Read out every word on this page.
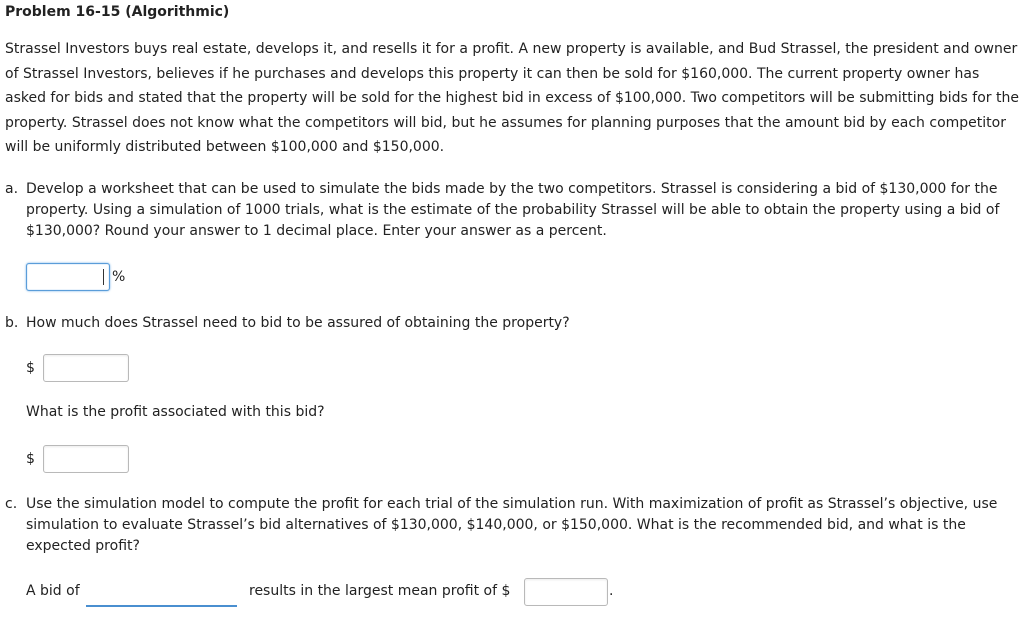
Problem 16-15 (Algorithmic)

Strassel Investors buys real estate, develops it, and resells it for a profit. A new property is available, and Bud Strassel, the president and owner of Strassel Investors, believes if he purchases and develops this property it can then be sold for $160,000. The current property owner has asked for bids and stated that the property will be sold for the highest bid in excess of $100,000. Two competitors will be submitting bids for the property. Strassel does not know what the competitors will bid, but he assumes for planning purposes that the amount bid by each competitor will be uniformly distributed between $100,000 and $150,000.

a. Develop a worksheet that can be used to simulate the bids made by the two competitors. Strassel is considering a bid of $130,000 for the property. Using a simulation of 1000 trials, what is the estimate of the probability Strassel will be able to obtain the property using a bid of $130,000? Round your answer to 1 decimal place. Enter your answer as a percent.
%
b. How much does Strassel need to bid to be assured of obtaining the property?
$
What is the profit associated with this bid?
$
c. Use the simulation model to compute the profit for each trial of the simulation run. With maximization of profit as Strassel’s objective, use simulation to evaluate Strassel’s bid alternatives of $130,000, $140,000, or $150,000. What is the recommended bid, and what is the expected profit?
A bid of	results in the largest mean profit of $	.
